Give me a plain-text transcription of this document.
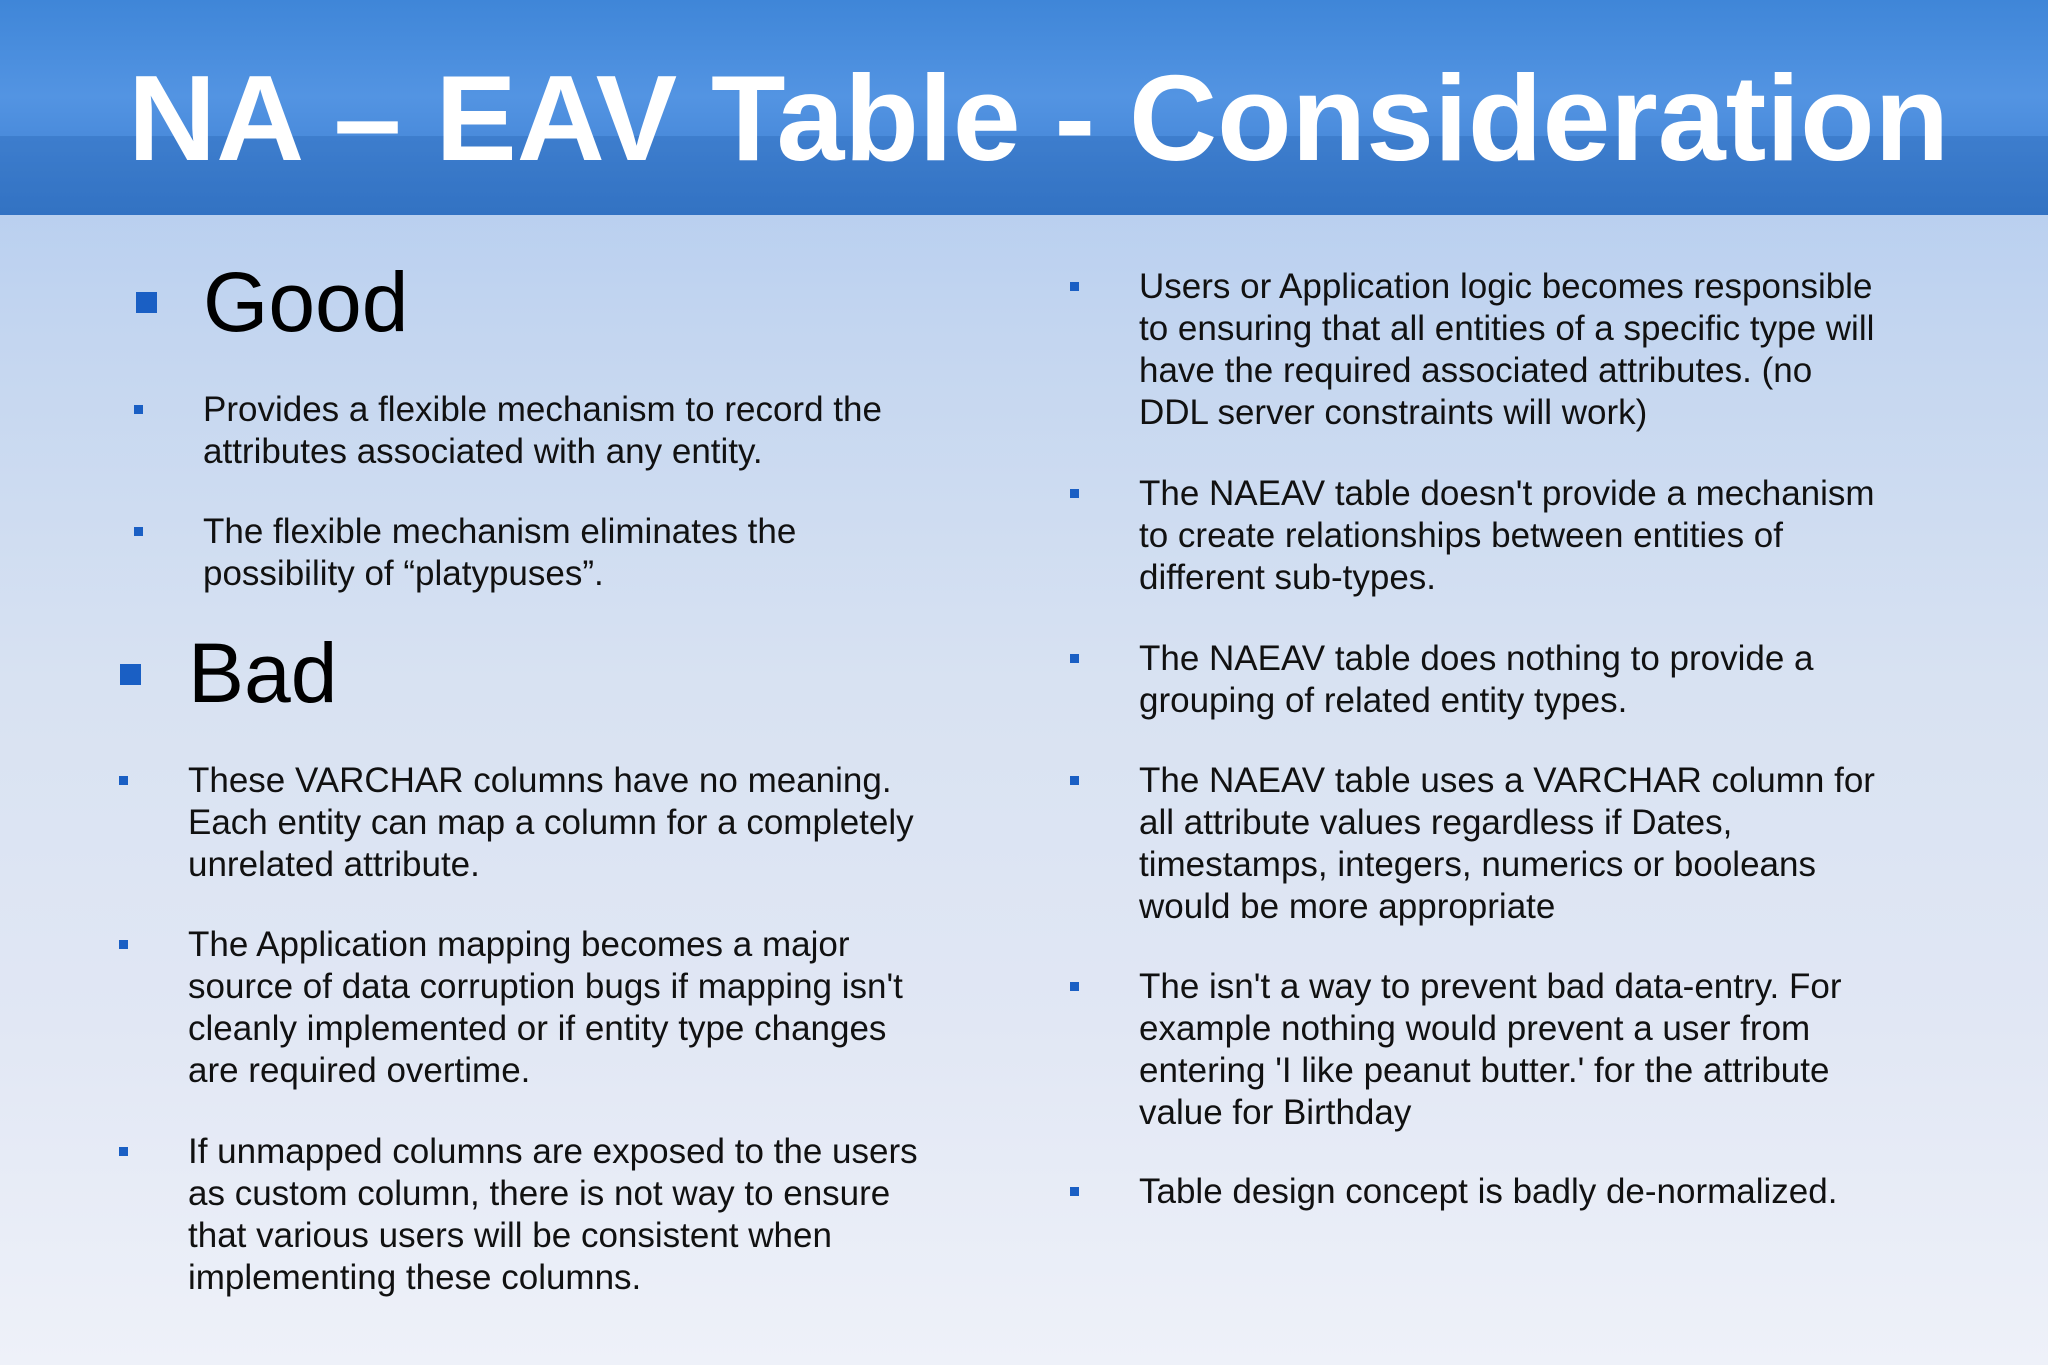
NA – EAV Table - Consideration
Good
Provides a flexible mechanism to record the
attributes associated with any entity.
The flexible mechanism eliminates the
possibility of “platypuses”.
Bad
These VARCHAR columns have no meaning.
Each entity can map a column for a completely
unrelated attribute.
The Application mapping becomes a major
source of data corruption bugs if mapping isn't
cleanly implemented or if entity type changes
are required overtime.
If unmapped columns are exposed to the users
as custom column, there is not way to ensure
that various users will be consistent when
implementing these columns.
Users or Application logic becomes responsible
to ensuring that all entities of a specific type will
have the required associated attributes. (no
DDL server constraints will work)
The NAEAV table doesn't provide a mechanism
to create relationships between entities of
different sub-types.
The NAEAV table does nothing to provide a
grouping of related entity types.
The NAEAV table uses a VARCHAR column for
all attribute values regardless if Dates,
timestamps, integers, numerics or booleans
would be more appropriate
The isn't a way to prevent bad data-entry. For
example nothing would prevent a user from
entering 'I like peanut butter.' for the attribute
value for Birthday
Table design concept is badly de-normalized.
